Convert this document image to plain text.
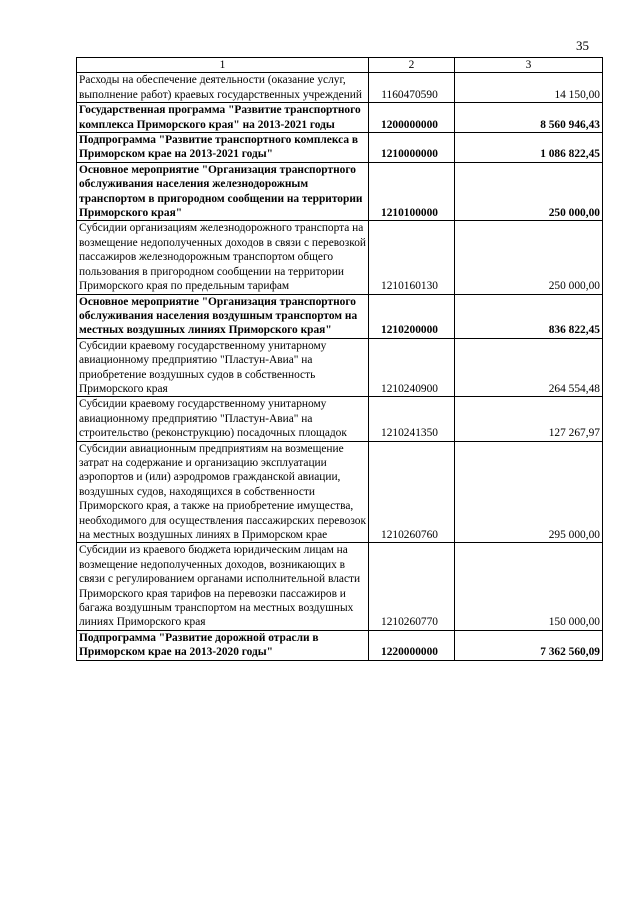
35
1	2	3
Расходы на обеспечение деятельности (оказание услуг, выполнение работ) краевых государственных учреждений	1160470590	14 150,00
Государственная программа "Развитие транспортного комплекса Приморского края" на 2013-2021 годы	1200000000	8 560 946,43
Подпрограмма "Развитие транспортного комплекса в Приморском крае на 2013-2021 годы"	1210000000	1 086 822,45
Основное мероприятие "Организация транспортного обслуживания населения железнодорожным транспортом в пригородном сообщении на территории Приморского края"	1210100000	250 000,00
Субсидии организациям железнодорожного транспорта на возмещение недополученных доходов в связи с перевозкой пассажиров железнодорожным транспортом общего пользования в пригородном сообщении на территории Приморского края по предельным тарифам	1210160130	250 000,00
Основное мероприятие "Организация транспортного обслуживания населения воздушным транспортом на местных воздушных линиях Приморского края"	1210200000	836 822,45
Субсидии краевому государственному унитарному авиационному предприятию "Пластун-Авиа" на приобретение воздушных судов в собственность Приморского края	1210240900	264 554,48
Субсидии краевому государственному унитарному авиационному предприятию "Пластун-Авиа" на строительство (реконструкцию) посадочных площадок	1210241350	127 267,97
Субсидии авиационным предприятиям на возмещение затрат на содержание и организацию эксплуатации аэропортов и (или) аэродромов гражданской авиации, воздушных судов, находящихся в собственности Приморского края, а также на приобретение имущества, необходимого для осуществления пассажирских перевозок на местных воздушных линиях в Приморском крае	1210260760	295 000,00
Субсидии из краевого бюджета юридическим лицам на возмещение недополученных доходов, возникающих в связи с регулированием органами исполнительной власти Приморского края тарифов на перевозки пассажиров и багажа воздушным транспортом на местных воздушных линиях Приморского края	1210260770	150 000,00
Подпрограмма "Развитие дорожной отрасли в Приморском крае на 2013-2020 годы"	1220000000	7 362 560,09
